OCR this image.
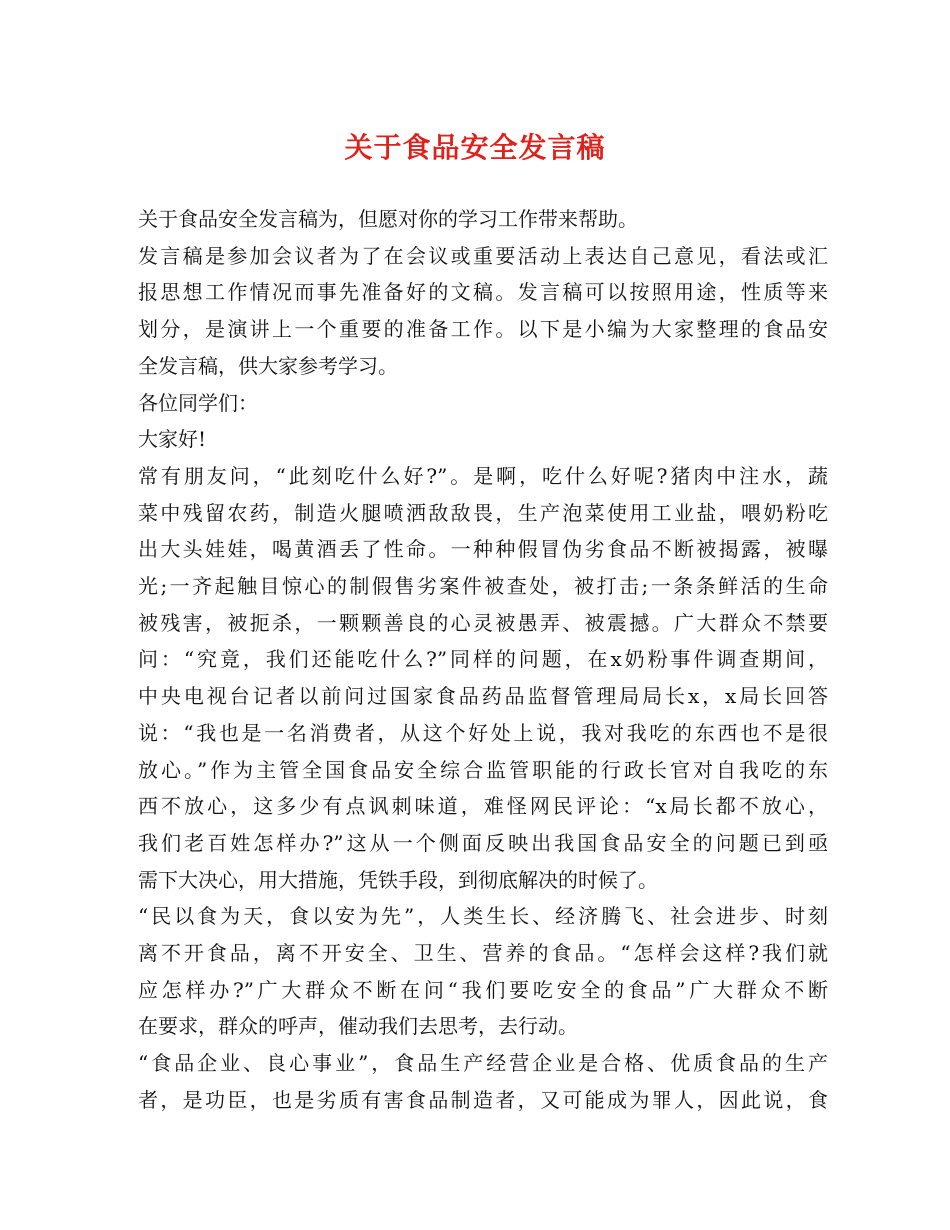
关于食品安全发言稿
关于食品安全发言稿为，但愿对你的学习工作带来帮助。
发言稿是参加会议者为了在会议或重要活动上表达自己意见，看法或汇
报思想工作情况而事先准备好的文稿。发言稿可以按照用途，性质等来
划分，是演讲上一个重要的准备工作。以下是小编为大家整理的食品安
全发言稿，供大家参考学习。
各位同学们：
大家好!
常有朋友问，“此刻吃什么好?”。是啊，吃什么好呢?猪肉中注水，蔬
菜中残留农药，制造火腿喷洒敌敌畏，生产泡菜使用工业盐，喂奶粉吃
出大头娃娃，喝黄酒丢了性命。一种种假冒伪劣食品不断被揭露，被曝
光;一齐起触目惊心的制假售劣案件被查处，被打击;一条条鲜活的生命
被残害，被扼杀，一颗颗善良的心灵被愚弄、被震撼。广大群众不禁要
问：“究竟，我们还能吃什么?”同样的问题，在x奶粉事件调查期间，
中央电视台记者以前问过国家食品药品监督管理局局长x，x局长回答
说：“我也是一名消费者，从这个好处上说，我对我吃的东西也不是很
放心。”作为主管全国食品安全综合监管职能的行政长官对自我吃的东
西不放心，这多少有点讽刺味道，难怪网民评论：“x局长都不放心，
我们老百姓怎样办?”这从一个侧面反映出我国食品安全的问题已到亟
需下大决心，用大措施，凭铁手段，到彻底解决的时候了。
“民以食为天，食以安为先”，人类生长、经济腾飞、社会进步、时刻
离不开食品，离不开安全、卫生、营养的食品。“怎样会这样?我们就
应怎样办?”广大群众不断在问“我们要吃安全的食品”广大群众不断
在要求，群众的呼声，催动我们去思考，去行动。
“食品企业、良心事业”，食品生产经营企业是合格、优质食品的生产
者，是功臣，也是劣质有害食品制造者，又可能成为罪人，因此说，食
